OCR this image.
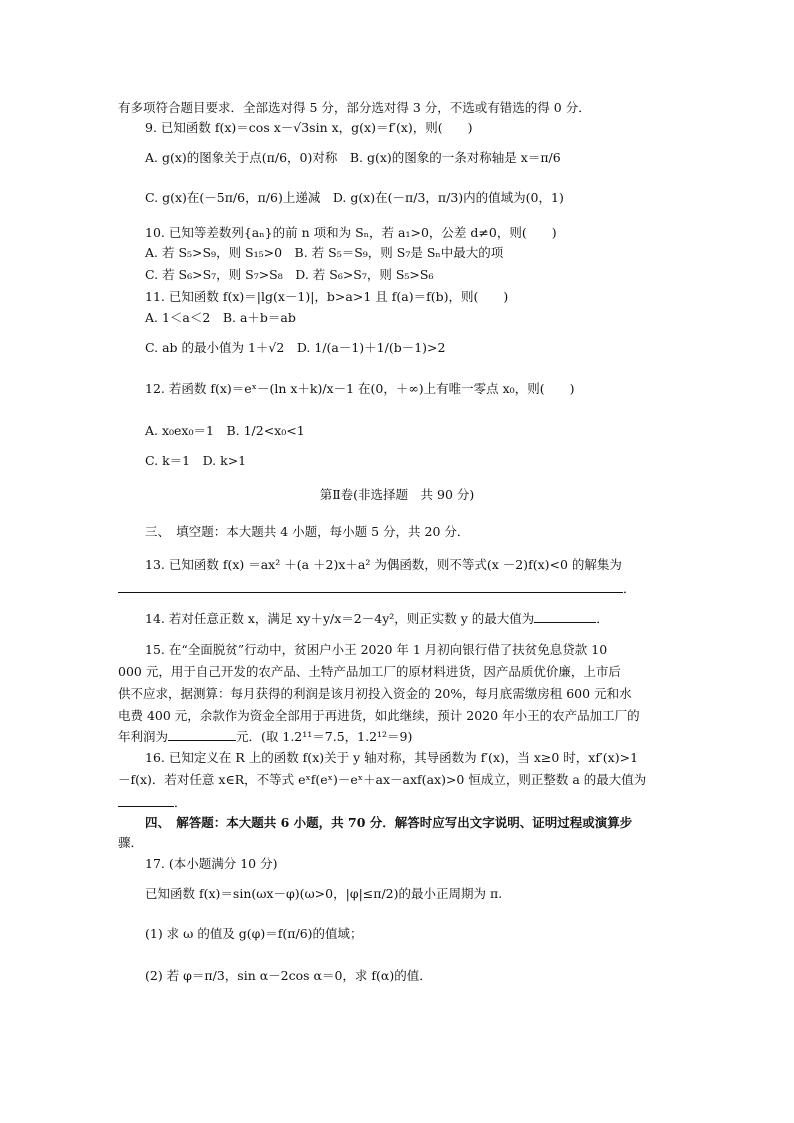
有多项符合题目要求．全部选对得 5 分，部分选对得 3 分，不选或有错选的得 0 分．
9. 已知函数 f(x)＝cos x－√3sin x，g(x)＝f′(x)，则(　　)
A. g(x)的图象关于点(π/6，0)对称　B. g(x)的图象的一条对称轴是 x＝π/6
C. g(x)在(－5π/6，π/6)上递减　D. g(x)在(－π/3，π/3)内的值域为(0，1)
10. 已知等差数列{aₙ}的前 n 项和为 Sₙ，若 a₁>0，公差 d≠0，则(　　)
A. 若 S₅>S₉，则 S₁₅>0　B. 若 S₅＝S₉，则 S₇是 Sₙ中最大的项
C. 若 S₆>S₇，则 S₇>S₈　D. 若 S₆>S₇，则 S₅>S₆
11. 已知函数 f(x)＝|lg(x－1)|，b>a>1 且 f(a)＝f(b)，则(　　)
A. 1＜a＜2　B. a＋b＝ab
C. ab 的最小值为 1＋√2　D. 1/(a－1)＋1/(b－1)>2
12. 若函数 f(x)＝eˣ－(ln x＋k)/x－1 在(0，＋∞)上有唯一零点 x₀，则(　　)
A. x₀ex₀＝1　B. 1/2<x₀<1
C. k＝1　D. k>1
第Ⅱ卷(非选择题　共 90 分)
三、　填空题：本大题共 4 小题，每小题 5 分，共 20 分．
13. 已知函数 f(x) ＝ax² ＋(a ＋2)x＋a² 为偶函数，则不等式(x －2)f(x)<0 的解集为
．
14. 若对任意正数 x，满足 xy＋y/x＝2－4y²，则正实数 y 的最大值为	．
15. 在“全面脱贫”行动中，贫困户小王 2020 年 1 月初向银行借了扶贫免息贷款 10
000 元，用于自己开发的农产品、土特产品加工厂的原材料进货，因产品质优价廉，上市后
供不应求，据测算：每月获得的利润是该月初投入资金的 20%，每月底需缴房租 600 元和水
电费 400 元，余款作为资金全部用于再进货，如此继续，预计 2020 年小王的农产品加工厂的
年利润为	元．(取 1.2¹¹＝7.5，1.2¹²＝9)
16. 已知定义在 R 上的函数 f(x)关于 y 轴对称，其导函数为 f′(x)，当 x≥0 时，xf′(x)>1
－f(x)．若对任意 x∈R，不等式 eˣf(eˣ)－eˣ＋ax－axf(ax)>0 恒成立，则正整数 a 的最大值为
．
四、　解答题：本大题共 6 小题，共 70 分．解答时应写出文字说明、证明过程或演算步
骤．
17. (本小题满分 10 分)
已知函数 f(x)＝sin(ωx－φ)(ω>0，|φ|≤π/2)的最小正周期为 π.
(1) 求 ω 的值及 g(φ)＝f(π/6)的值域；
(2) 若 φ＝π/3，sin α－2cos α＝0，求 f(α)的值．
